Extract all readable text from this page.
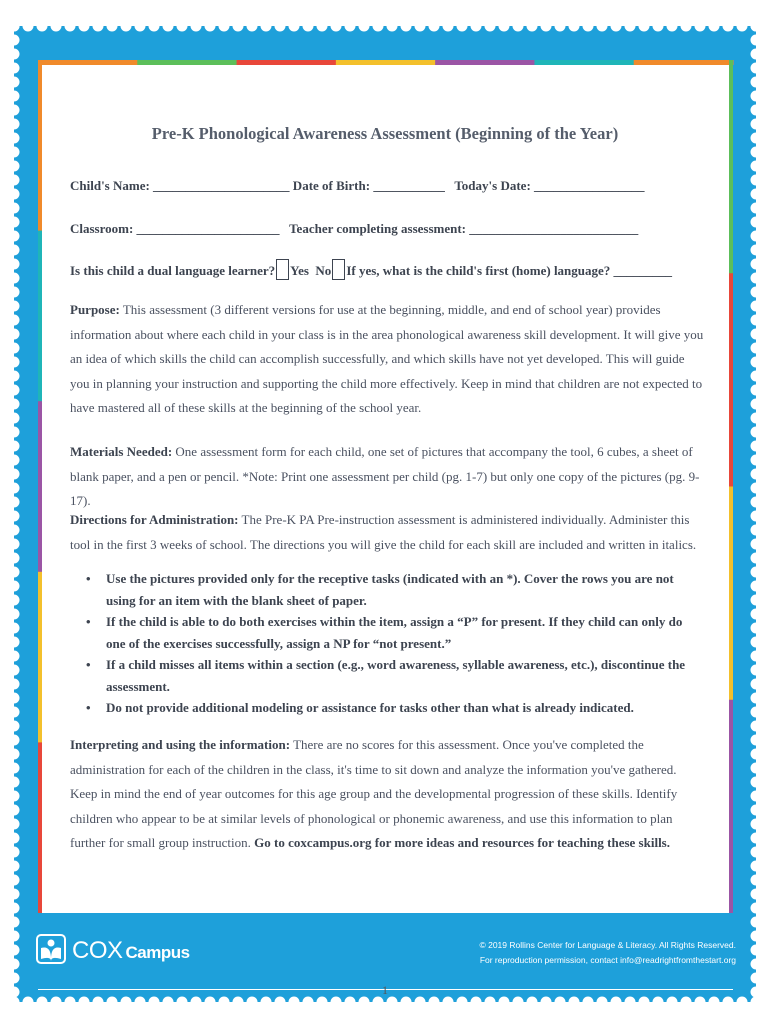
Pre-K Phonological Awareness Assessment (Beginning of the Year)
Child's Name: _____________________ Date of Birth: ___________   Today's Date: _________________
Classroom: ______________________   Teacher completing assessment: __________________________
Is this child a dual language learner? Yes No If yes, what is the child's first (home) language? _________
Purpose: This assessment (3 different versions for use at the beginning, middle, and end of school year) provides information about where each child in your class is in the area phonological awareness skill development. It will give you an idea of which skills the child can accomplish successfully, and which skills have not yet developed. This will guide you in planning your instruction and supporting the child more effectively. Keep in mind that children are not expected to have mastered all of these skills at the beginning of the school year.
Materials Needed: One assessment form for each child, one set of pictures that accompany the tool, 6 cubes, a sheet of blank paper, and a pen or pencil. *Note: Print one assessment per child (pg. 1-7) but only one copy of the pictures (pg. 9-17).
Directions for Administration: The Pre-K PA Pre-instruction assessment is administered individually. Administer this tool in the first 3 weeks of school. The directions you will give the child for each skill are included and written in italics.
• Use the pictures provided only for the receptive tasks (indicated with an *). Cover the rows you are not using for an item with the blank sheet of paper.
• If the child is able to do both exercises within the item, assign a “P” for present. If they child can only do one of the exercises successfully, assign a NP for “not present.”
• If a child misses all items within a section (e.g., word awareness, syllable awareness, etc.), discontinue the assessment.
• Do not provide additional modeling or assistance for tasks other than what is already indicated.
Interpreting and using the information: There are no scores for this assessment. Once you've completed the administration for each of the children in the class, it's time to sit down and analyze the information you've gathered. Keep in mind the end of year outcomes for this age group and the developmental progression of these skills. Identify children who appear to be at similar levels of phonological or phonemic awareness, and use this information to plan further for small group instruction. Go to coxcampus.org for more ideas and resources for teaching these skills.
COX Campus	© 2019 Rollins Center for Language & Literacy. All Rights Reserved.
For reproduction permission, contact info@readrightfromthestart.org
1
